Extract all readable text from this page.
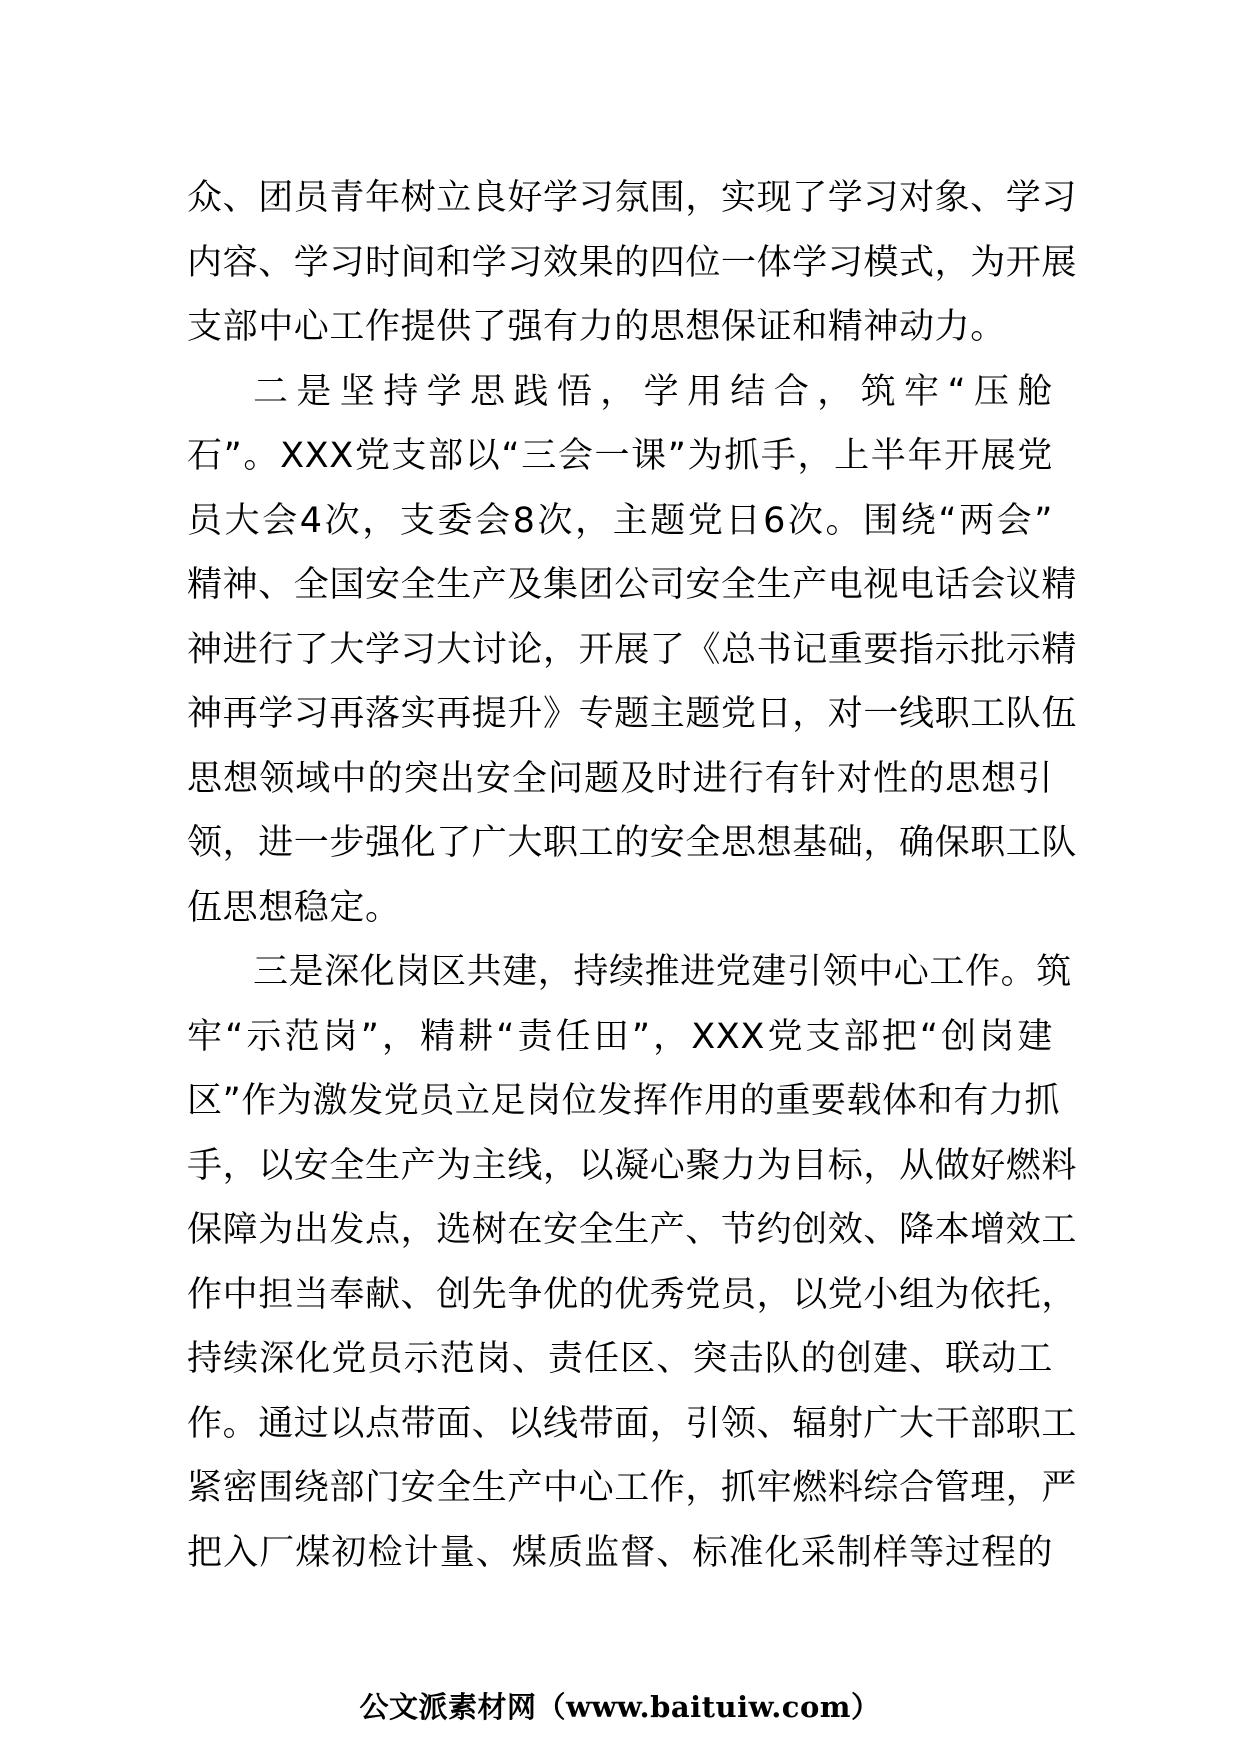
众、团员青年树立良好学习氛围，实现了学习对象、学习
内容、学习时间和学习效果的四位一体学习模式，为开展
支部中心工作提供了强有力的思想保证和精神动力。
二是坚持学思践悟，学用结合，筑牢“压舱
石”。XXX党支部以“三会一课”为抓手，上半年开展党
员大会4次，支委会8次，主题党日6次。围绕“两会”
精神、全国安全生产及集团公司安全生产电视电话会议精
神进行了大学习大讨论，开展了《总书记重要指示批示精
神再学习再落实再提升》专题主题党日，对一线职工队伍
思想领域中的突出安全问题及时进行有针对性的思想引
领，进一步强化了广大职工的安全思想基础，确保职工队
伍思想稳定。
三是深化岗区共建，持续推进党建引领中心工作。筑
牢“示范岗”，精耕“责任田”，XXX党支部把“创岗建
区”作为激发党员立足岗位发挥作用的重要载体和有力抓
手，以安全生产为主线，以凝心聚力为目标，从做好燃料
保障为出发点，选树在安全生产、节约创效、降本增效工
作中担当奉献、创先争优的优秀党员，以党小组为依托，
持续深化党员示范岗、责任区、突击队的创建、联动工
作。通过以点带面、以线带面，引领、辐射广大干部职工
紧密围绕部门安全生产中心工作，抓牢燃料综合管理，严
把入厂煤初检计量、煤质监督、标准化采制样等过程的
公文派素材网（www.baituiw.com）
